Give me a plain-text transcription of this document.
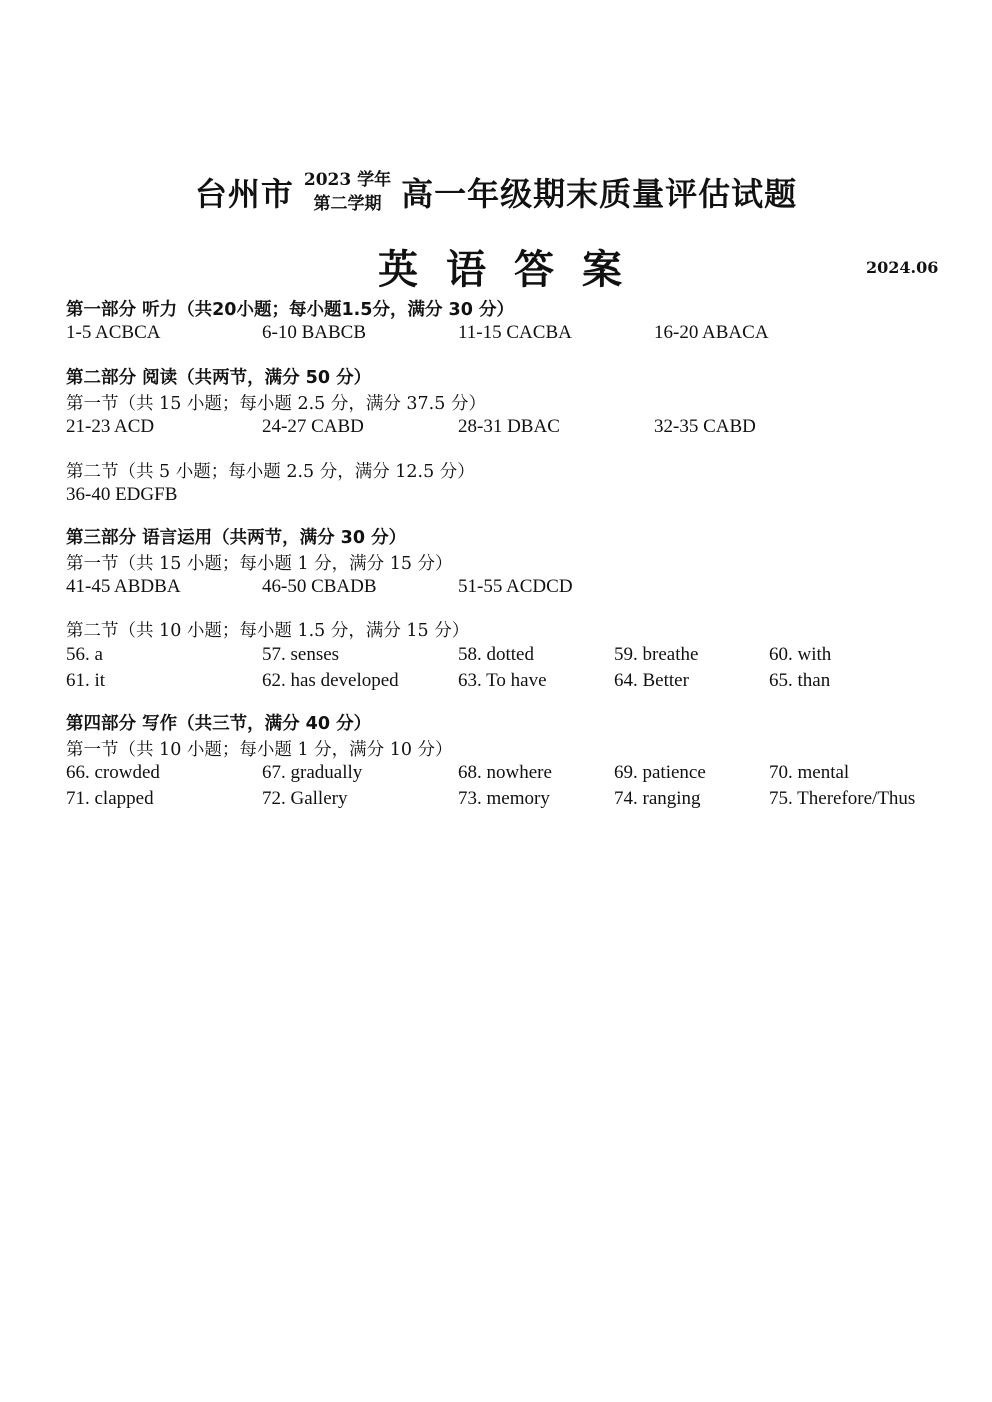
台州市 2023 学年
第二学期 高一年级期末质量评估试题
英语答案	2024.06
第一部分 听力（共20小题；每小题1.5分，满分 30 分）
1-5 ACBCA	6-10 BABCB	11-15 CACBA	16-20 ABACA
第二部分 阅读（共两节，满分 50 分）
第一节（共 15 小题；每小题 2.5 分，满分 37.5 分）
21-23 ACD	24-27 CABD	28-31 DBAC	32-35 CABD
第二节（共 5 小题；每小题 2.5 分，满分 12.5 分）
36-40 EDGFB
第三部分 语言运用（共两节，满分 30 分）
第一节（共 15 小题；每小题 1 分，满分 15 分）
41-45 ABDBA	46-50 CBADB	51-55 ACDCD
第二节（共 10 小题；每小题 1.5 分，满分 15 分）
56. a	57. senses	58. dotted	59. breathe	60. with
61. it	62. has developed	63. To have	64. Better	65. than
第四部分 写作（共三节，满分 40 分）
第一节（共 10 小题；每小题 1 分，满分 10 分）
66. crowded	67. gradually	68. nowhere	69. patience	70. mental
71. clapped	72. Gallery	73. memory	74. ranging	75. Therefore/Thus
